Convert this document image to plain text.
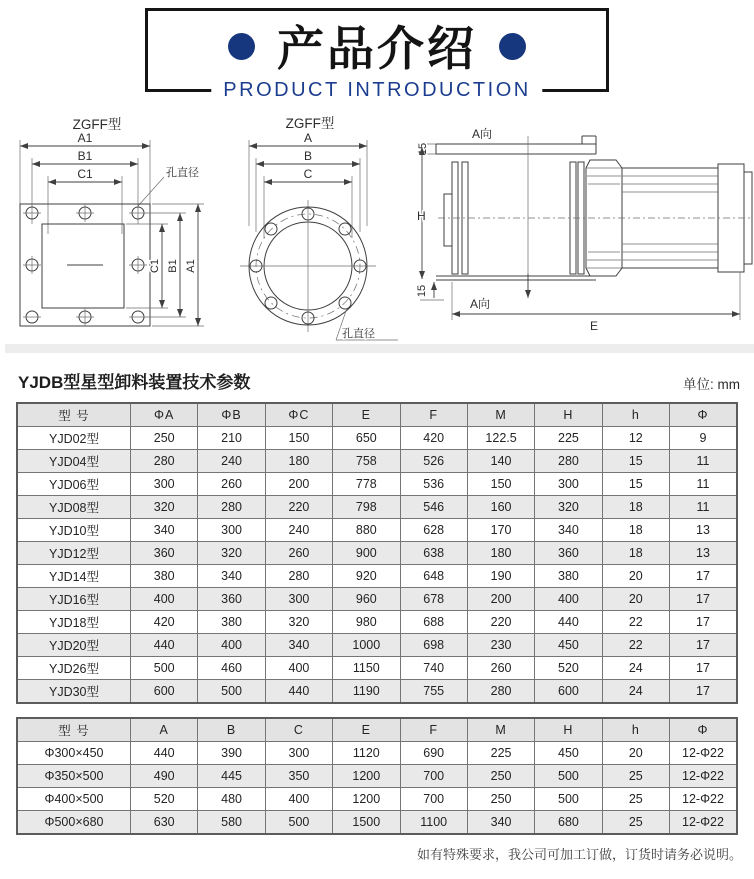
产品介绍
PRODUCT INTRODUCTION
ZGFF型
A1
B1
C1	孔直径
C1 B1 A1
ZGFF型
A
B
C
孔直径
15
A向
H
15
A向
E
YJDB型星型卸料装置技术参数	单位: mm
型 号	ΦA	ΦB	ΦC	E	F	M	H	h	Φ
YJD02型	250	210	150	650	420	122.5	225	12	9
YJD04型	280	240	180	758	526	140	280	15	11
YJD06型	300	260	200	778	536	150	300	15	11
YJD08型	320	280	220	798	546	160	320	18	11
YJD10型	340	300	240	880	628	170	340	18	13
YJD12型	360	320	260	900	638	180	360	18	13
YJD14型	380	340	280	920	648	190	380	20	17
YJD16型	400	360	300	960	678	200	400	20	17
YJD18型	420	380	320	980	688	220	440	22	17
YJD20型	440	400	340	1000	698	230	450	22	17
YJD26型	500	460	400	1150	740	260	520	24	17
YJD30型	600	500	440	1190	755	280	600	24	17
型 号	A	B	C	E	F	M	H	h	Φ
Φ300×450	440	390	300	1120	690	225	450	20	12-Φ22
Φ350×500	490	445	350	1200	700	250	500	25	12-Φ22
Φ400×500	520	480	400	1200	700	250	500	25	12-Φ22
Φ500×680	630	580	500	1500	1100	340	680	25	12-Φ22
如有特殊要求，我公司可加工订做，订货时请务必说明。
